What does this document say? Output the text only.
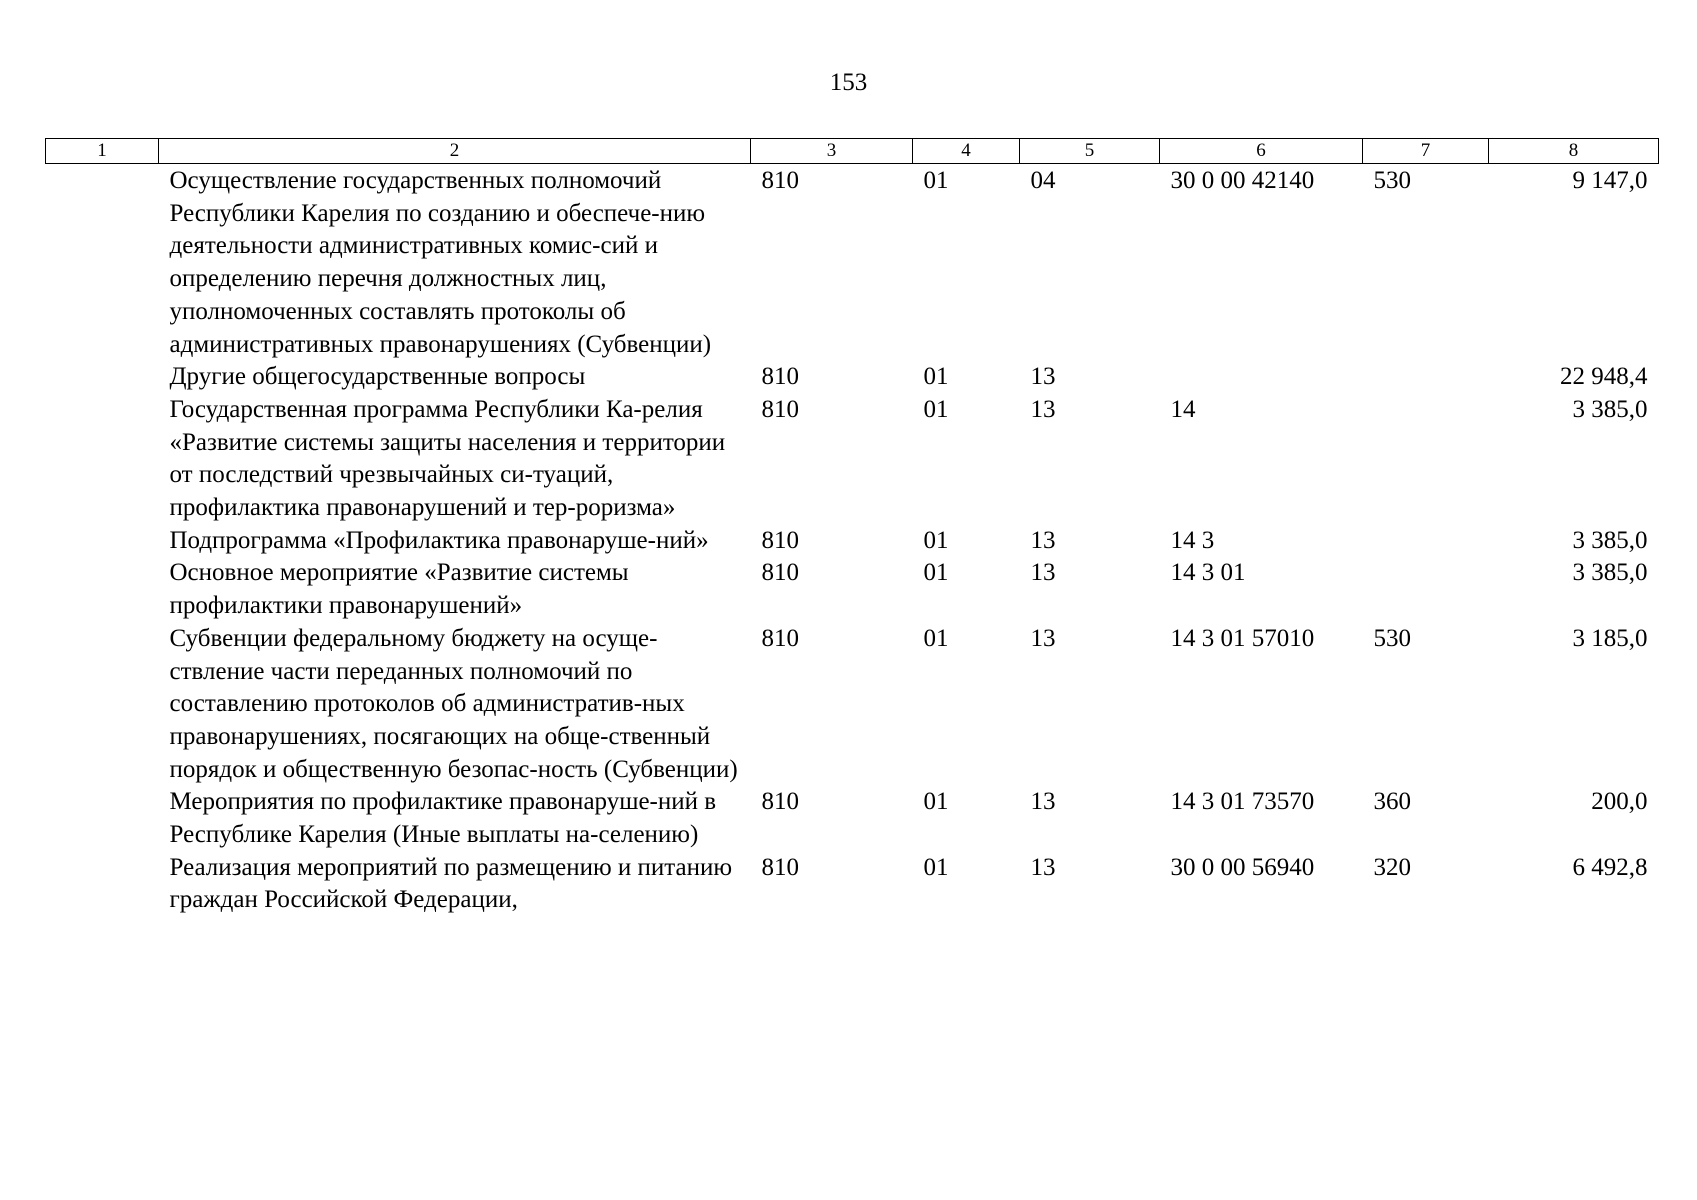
153
1	2	3	4	5	6	7	8
	Осуществление государственных полномочий Республики Карелия по созданию и обеспече-нию деятельности административных комис-сий и определению перечня должностных лиц, уполномоченных составлять протоколы об административных правонарушениях (Субвенции)	810	01	04	30 0 00 42140	530	9 147,0
	Другие общегосударственные вопросы	810	01	13			22 948,4
	Государственная программа Республики Ка-релия «Развитие системы защиты населения и территории от последствий чрезвычайных си-туаций, профилактика правонарушений и тер-роризма»	810	01	13	14		3 385,0
	Подпрограмма «Профилактика правонаруше-ний»	810	01	13	14 3		3 385,0
	Основное мероприятие «Развитие системы профилактики правонарушений»	810	01	13	14 3 01		3 385,0
	Субвенции федеральному бюджету на осуще-ствление части переданных полномочий по составлению протоколов об административ-ных правонарушениях, посягающих на обще-ственный порядок и общественную безопас-ность (Субвенции)	810	01	13	14 3 01 57010	530	3 185,0
	Мероприятия по профилактике правонаруше-ний в Республике Карелия (Иные выплаты на-селению)	810	01	13	14 3 01 73570	360	200,0
	Реализация мероприятий по размещению и питанию граждан Российской Федерации,	810	01	13	30 0 00 56940	320	6 492,8
